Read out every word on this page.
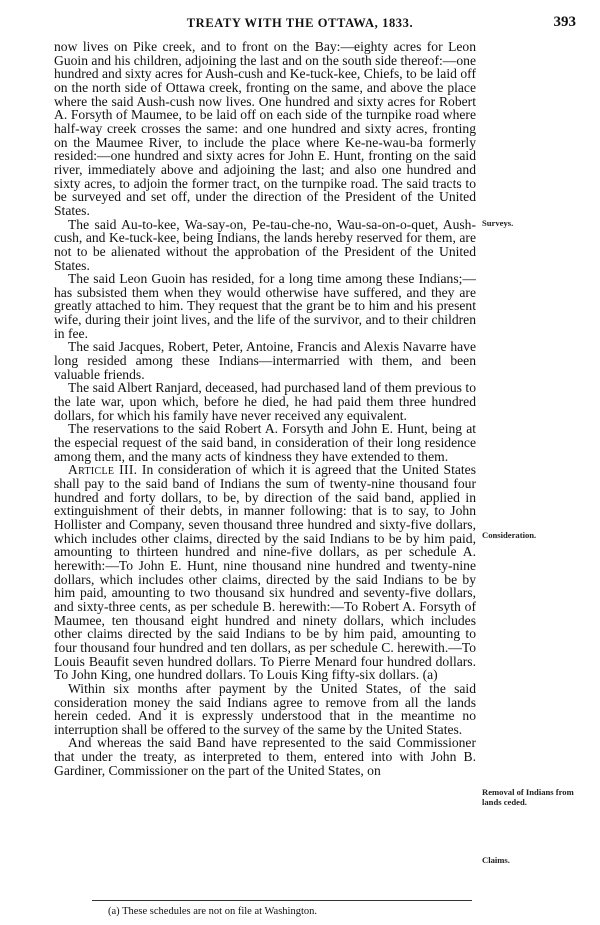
TREATY WITH THE OTTAWA, 1833.	393

now lives on Pike creek, and to front on the Bay:—eighty acres for Leon Guoin and his children, adjoining the last and on the south side thereof:—one hundred and sixty acres for Aush-cush and Ke-tuck-kee, Chiefs, to be laid off on the north side of Ottawa creek, fronting on the same, and above the place where the said Aush-cush now lives. One hundred and sixty acres for Robert A. Forsyth of Maumee, to be laid off on each side of the turnpike road where half-way creek crosses the same: and one hundred and sixty acres, fronting on the Maumee River, to include the place where Ke-ne-wau-ba formerly resided:—one hundred and sixty acres for John E. Hunt, fronting on the said river, immediately above and adjoining the last; and also one hundred and sixty acres, to adjoin the former tract, on the turnpike road. The said tracts to be surveyed and set off, under the direction of the President of the United States.

The said Au-to-kee, Wa-say-on, Pe-tau-che-no, Wau-sa-on-o-quet, Aush-cush, and Ke-tuck-kee, being Indians, the lands hereby reserved for them, are not to be alienated without the approbation of the President of the United States.

The said Leon Guoin has resided, for a long time among these Indians;—has subsisted them when they would otherwise have suffered, and they are greatly attached to him. They request that the grant be to him and his present wife, during their joint lives, and the life of the survivor, and to their children in fee.

The said Jacques, Robert, Peter, Antoine, Francis and Alexis Navarre have long resided among these Indians—intermarried with them, and been valuable friends.

The said Albert Ranjard, deceased, had purchased land of them previous to the late war, upon which, before he died, he had paid them three hundred dollars, for which his family have never received any equivalent.

The reservations to the said Robert A. Forsyth and John E. Hunt, being at the especial request of the said band, in consideration of their long residence among them, and the many acts of kindness they have extended to them.

Article III. In consideration of which it is agreed that the United States shall pay to the said band of Indians the sum of twenty-nine thousand four hundred and forty dollars, to be, by direction of the said band, applied in extinguishment of their debts, in manner following: that is to say, to John Hollister and Company, seven thousand three hundred and sixty-five dollars, which includes other claims, directed by the said Indians to be by him paid, amounting to thirteen hundred and nine-five dollars, as per schedule A. herewith:—To John E. Hunt, nine thousand nine hundred and twenty-nine dollars, which includes other claims, directed by the said Indians to be by him paid, amounting to two thousand six hundred and seventy-five dollars, and sixty-three cents, as per schedule B. herewith:—To Robert A. Forsyth of Maumee, ten thousand eight hundred and ninety dollars, which includes other claims directed by the said Indians to be by him paid, amounting to four thousand four hundred and ten dollars, as per schedule C. herewith.—To Louis Beaufit seven hundred dollars. To Pierre Menard four hundred dollars. To John King, one hundred dollars. To Louis King fifty-six dollars. (a)

Within six months after payment by the United States, of the said consideration money the said Indians agree to remove from all the lands herein ceded. And it is expressly understood that in the meantime no interruption shall be offered to the survey of the same by the United States.

And whereas the said Band have represented to the said Commissioner that under the treaty, as interpreted to them, entered into with John B. Gardiner, Commissioner on the part of the United States, on

Surveys.
Consideration.
Removal of Indians from lands ceded.
Claims.
(a) These schedules are not on file at Washington.
